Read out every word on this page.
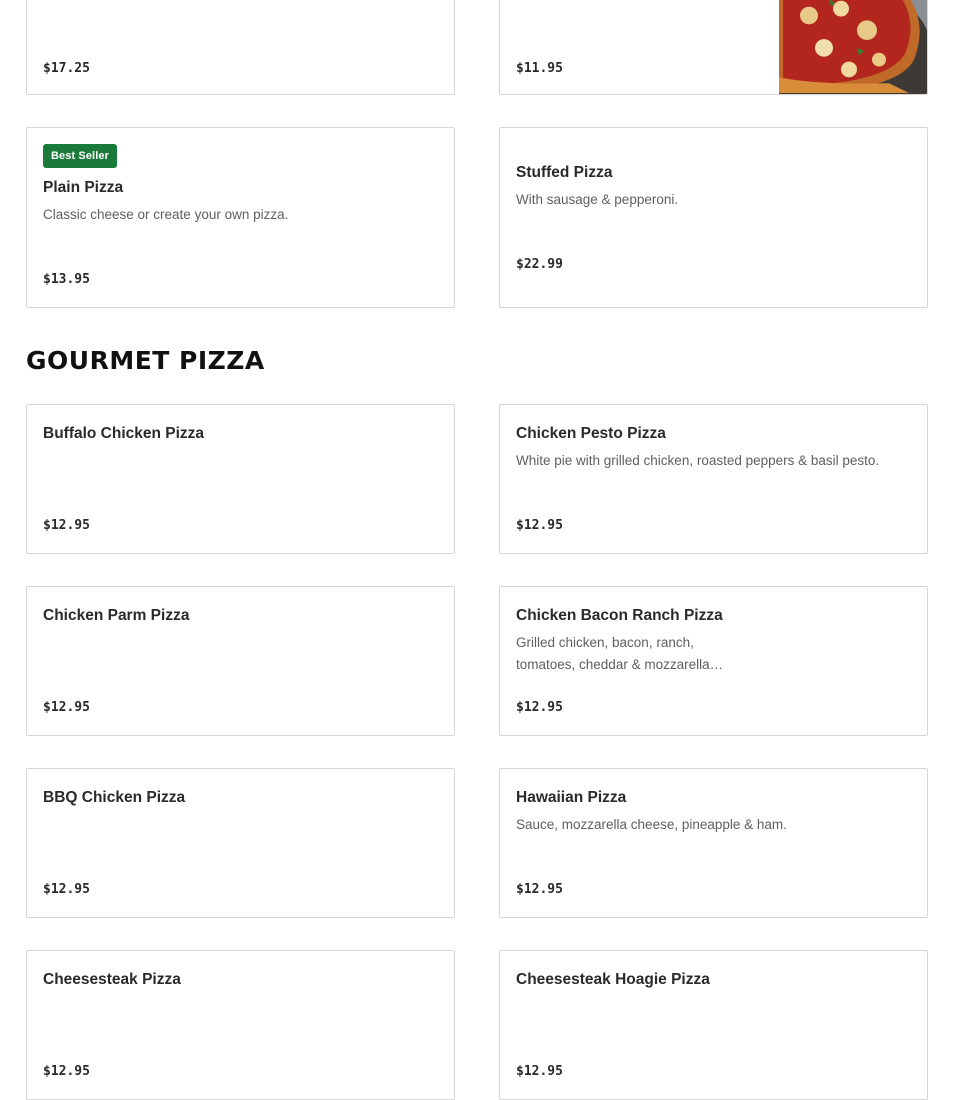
$17.25	$11.95
Best Seller
Plain Pizza
Classic cheese or create your own pizza.
$13.95
Stuffed Pizza
With sausage & pepperoni.
$22.99
GOURMET PIZZA
Buffalo Chicken Pizza
$12.95
Chicken Pesto Pizza
White pie with grilled chicken, roasted peppers & basil pesto.
$12.95
Chicken Parm Pizza
$12.95
Chicken Bacon Ranch Pizza
Grilled chicken, bacon, ranch, tomatoes, cheddar & mozzarella…
$12.95
BBQ Chicken Pizza
$12.95
Hawaiian Pizza
Sauce, mozzarella cheese, pineapple & ham.
$12.95
Cheesesteak Pizza
$12.95
Cheesesteak Hoagie Pizza
$12.95
